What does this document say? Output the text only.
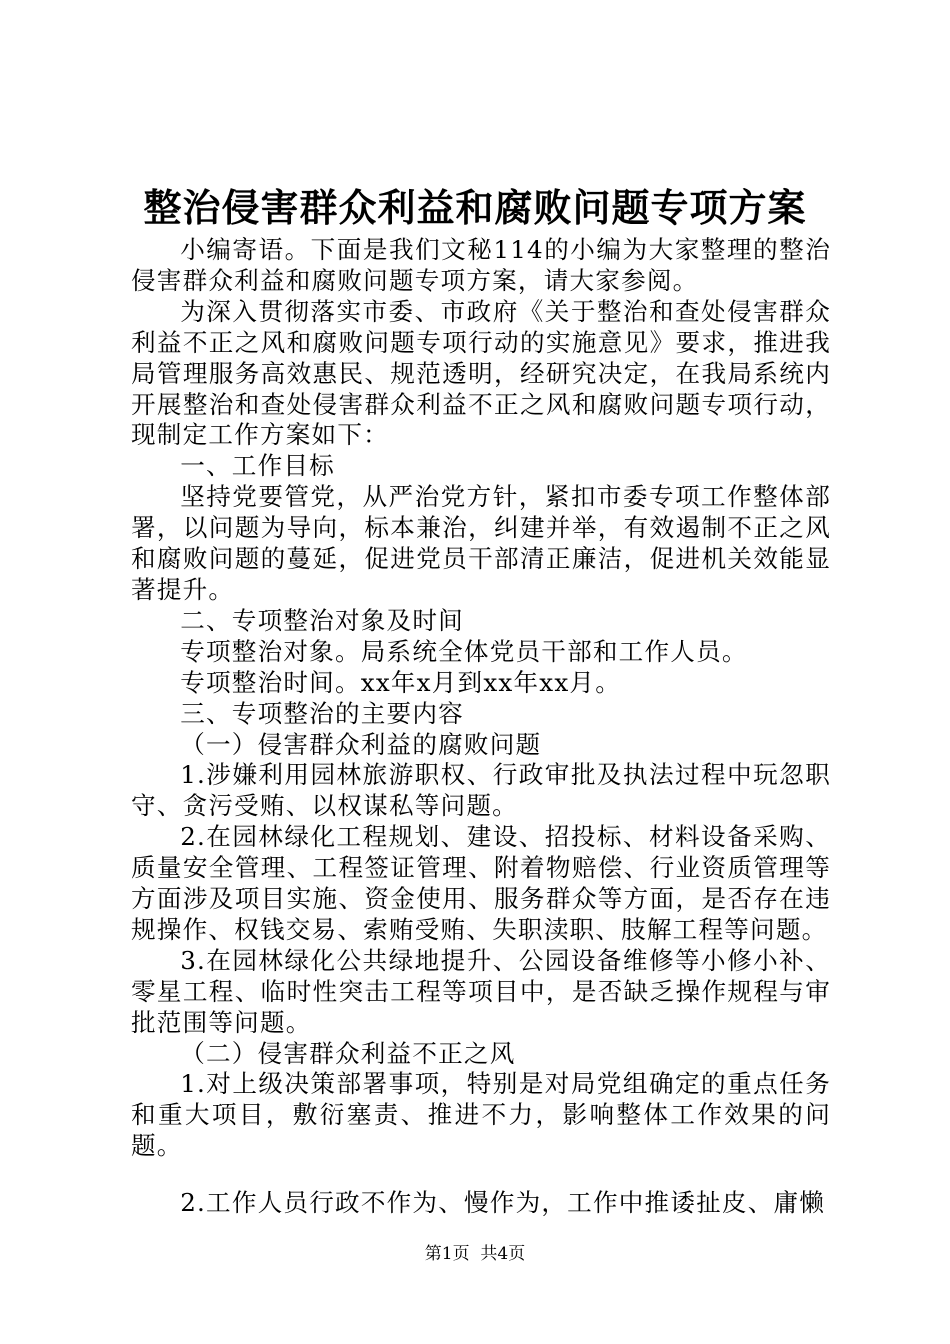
整治侵害群众利益和腐败问题专项方案

小编寄语。下面是我们文秘114的小编为大家整理的整治侵害群众利益和腐败问题专项方案，请大家参阅。

为深入贯彻落实市委、市政府《关于整治和查处侵害群众利益不正之风和腐败问题专项行动的实施意见》要求，推进我局管理服务高效惠民、规范透明，经研究决定，在我局系统内开展整治和查处侵害群众利益不正之风和腐败问题专项行动，现制定工作方案如下：

一、工作目标

坚持党要管党，从严治党方针，紧扣市委专项工作整体部署，以问题为导向，标本兼治，纠建并举，有效遏制不正之风和腐败问题的蔓延，促进党员干部清正廉洁，促进机关效能显著提升。

二、专项整治对象及时间

专项整治对象。局系统全体党员干部和工作人员。

专项整治时间。xx年x月到xx年xx月。

三、专项整治的主要内容

（一）侵害群众利益的腐败问题

1.涉嫌利用园林旅游职权、行政审批及执法过程中玩忽职守、贪污受贿、以权谋私等问题。

2.在园林绿化工程规划、建设、招投标、材料设备采购、质量安全管理、工程签证管理、附着物赔偿、行业资质管理等方面涉及项目实施、资金使用、服务群众等方面，是否存在违规操作、权钱交易、索贿受贿、失职渎职、肢解工程等问题。

3.在园林绿化公共绿地提升、公园设备维修等小修小补、零星工程、临时性突击工程等项目中，是否缺乏操作规程与审批范围等问题。

（二）侵害群众利益不正之风

1.对上级决策部署事项，特别是对局党组确定的重点任务和重大项目，敷衍塞责、推进不力，影响整体工作效果的问题。

2.工作人员行政不作为、慢作为，工作中推诿扯皮、庸懒

第1页  共4页
